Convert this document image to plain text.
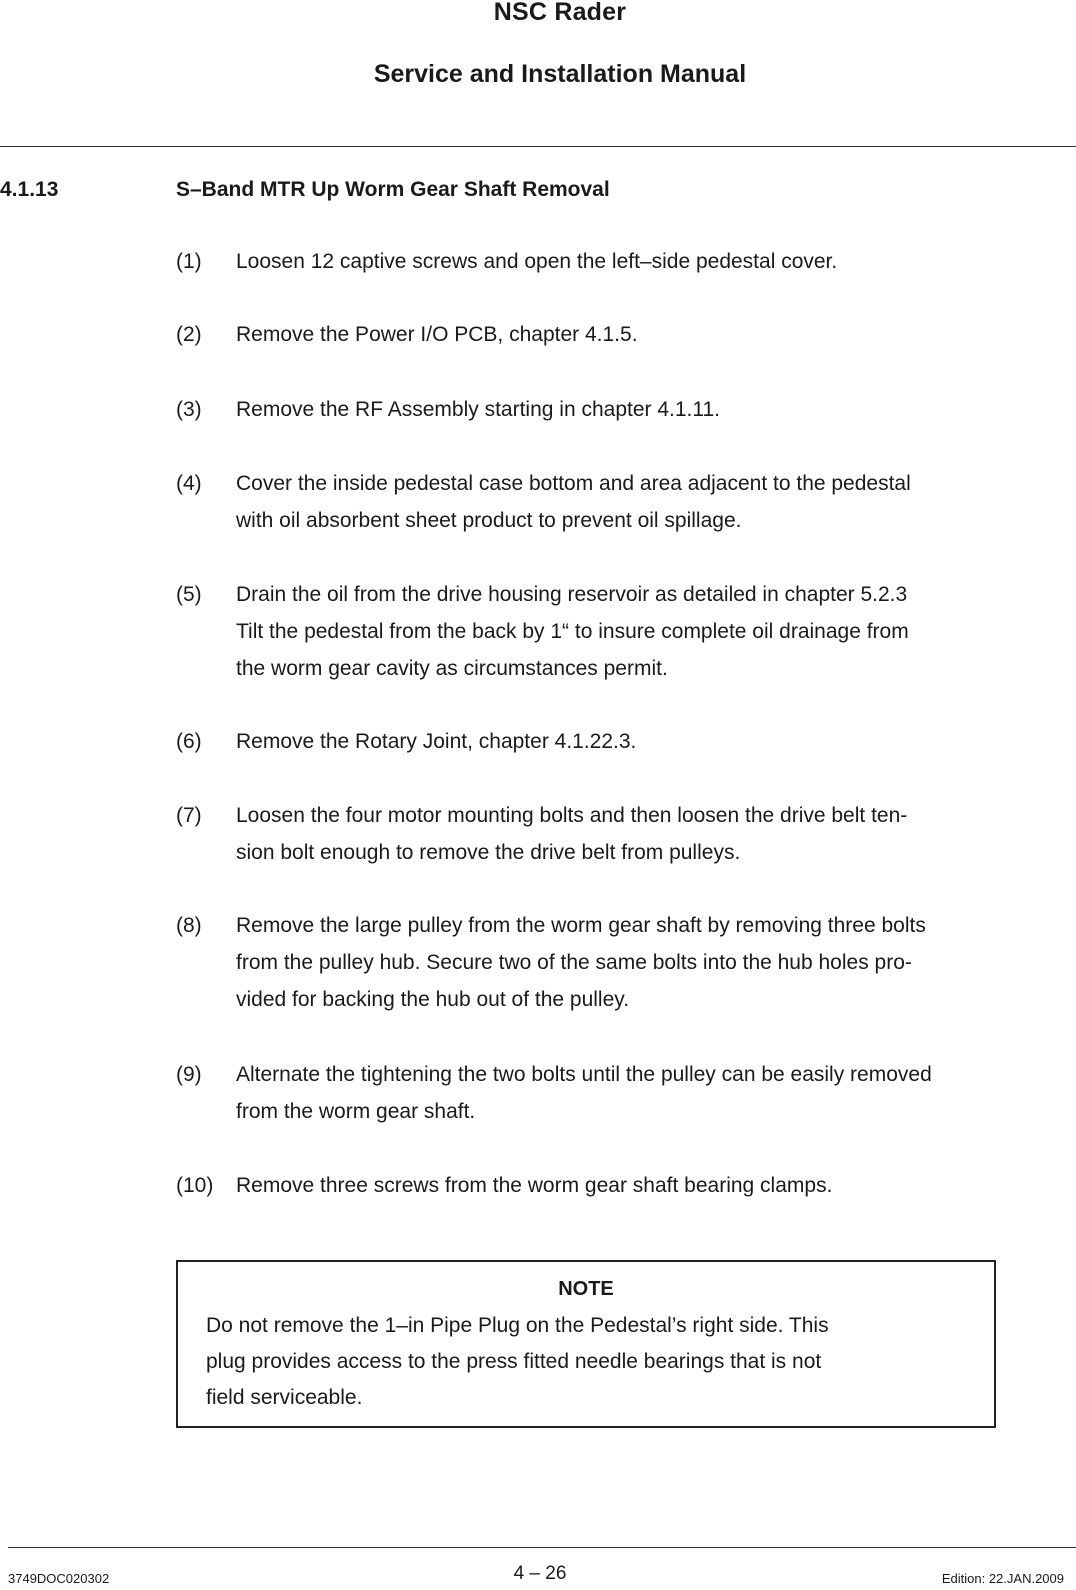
NSC Rader
Service and Installation Manual
4.1.13	S–Band MTR Up Worm Gear Shaft Removal
(1) Loosen 12 captive screws and open the left–side pedestal cover.
(2) Remove the Power I/O PCB, chapter 4.1.5.
(3) Remove the RF Assembly starting in chapter 4.1.11.
(4) Cover the inside pedestal case bottom and area adjacent to the pedestal
with oil absorbent sheet product to prevent oil spillage.
(5) Drain the oil from the drive housing reservoir as detailed in chapter 5.2.3
Tilt the pedestal from the back by 1“ to insure complete oil drainage from
the worm gear cavity as circumstances permit.
(6) Remove the Rotary Joint, chapter 4.1.22.3.
(7) Loosen the four motor mounting bolts and then loosen the drive belt ten-
sion bolt enough to remove the drive belt from pulleys.
(8) Remove the large pulley from the worm gear shaft by removing three bolts
from the pulley hub. Secure two of the same bolts into the hub holes pro-
vided for backing the hub out of the pulley.
(9) Alternate the tightening the two bolts until the pulley can be easily removed
from the worm gear shaft.
(10) Remove three screws from the worm gear shaft bearing clamps.
NOTE
Do not remove the 1–in Pipe Plug on the Pedestal’s right side. This
plug provides access to the press fitted needle bearings that is not
field serviceable.
3749DOC020302	4 – 26	Edition: 22.JAN.2009
